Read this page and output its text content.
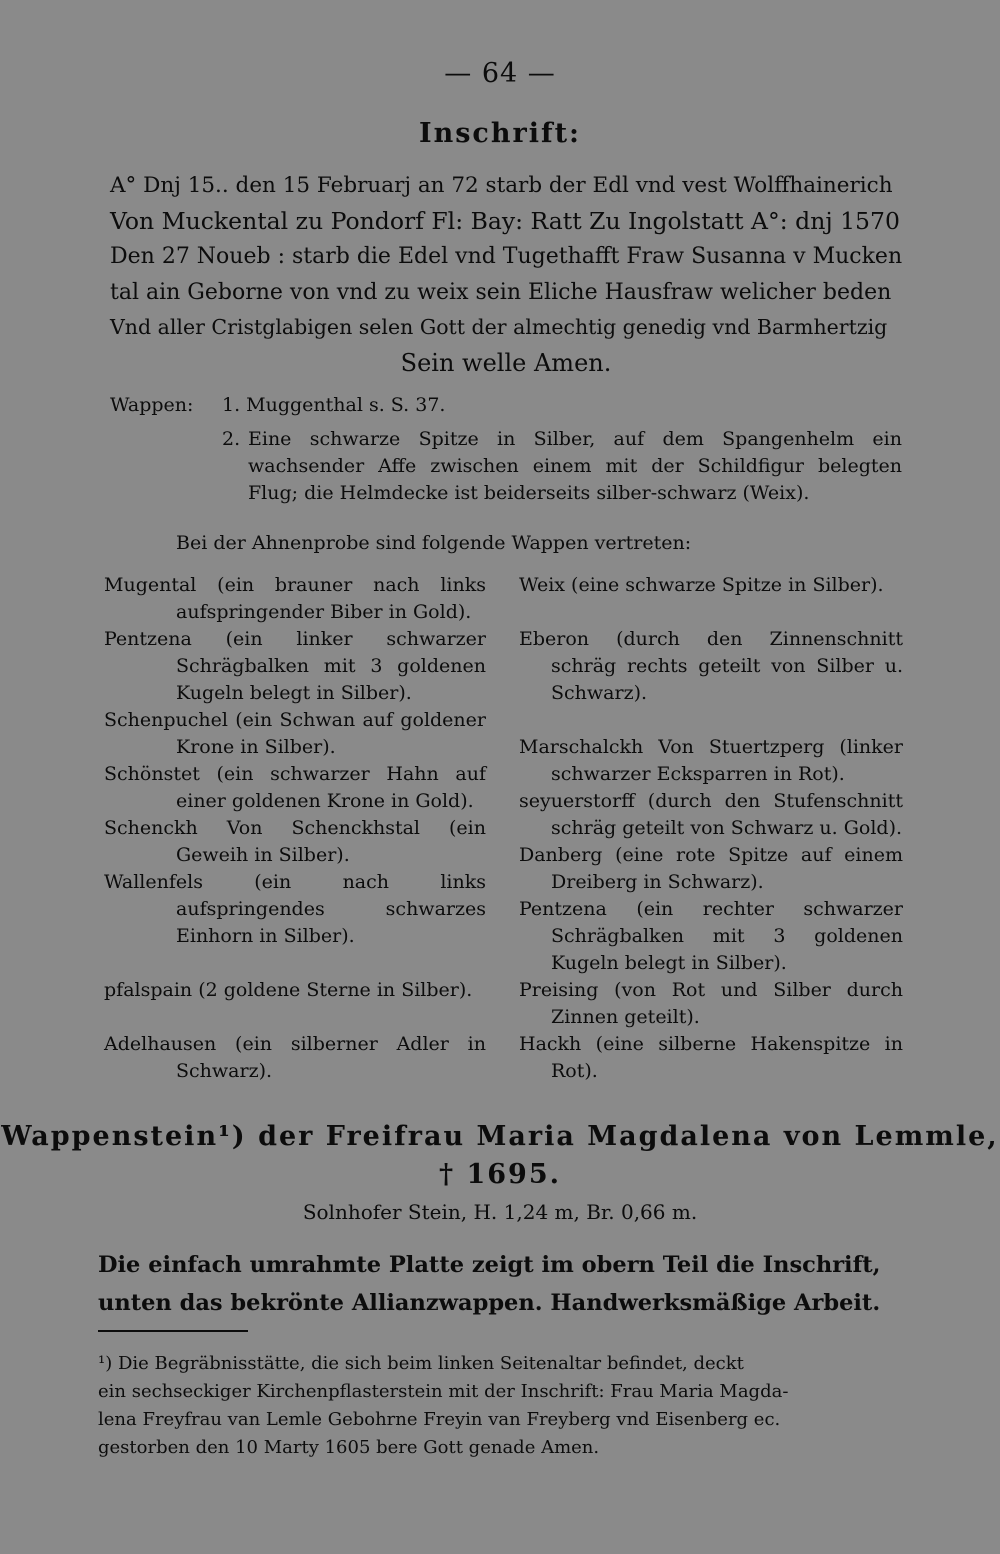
— 64 —
Inschrift:
A° Dnj 15.. den 15 Februarj an 72 starb der Edl vnd vest Wolffhainerich
Von Muckental zu Pondorf Fl: Bay: Ratt Zu Ingolstatt A°: dnj 1570
Den 27 Noueb : starb die Edel vnd Tugethafft Fraw Susanna v Mucken
tal ain Geborne von vnd zu weix sein Eliche Hausfraw welicher beden
Vnd aller Cristglabigen selen Gott der almechtig genedig vnd Barmhertzig
Sein welle Amen.
Wappen: 1. Muggenthal s. S. 37.
2. Eine schwarze Spitze in Silber, auf dem Spangenhelm ein wachsender Affe zwischen einem mit der Schildfigur belegten Flug; die Helmdecke ist beiderseits silber-schwarz (Weix).
Bei der Ahnenprobe sind folgende Wappen vertreten:
Mugental (ein brauner nach links aufspringender Biber in Gold).
Pentzena (ein linker schwarzer Schrägbalken mit 3 goldenen Kugeln belegt in Silber).
Schenpuchel (ein Schwan auf goldener Krone in Silber).
Schönstet (ein schwarzer Hahn auf einer goldenen Krone in Gold).
Schenckh Von Schenckhstal (ein Geweih in Silber).
Wallenfels (ein nach links aufspringendes schwarzes Einhorn in Silber).
pfalspain (2 goldene Sterne in Silber).
Adelhausen (ein silberner Adler in Schwarz).
Weix (eine schwarze Spitze in Silber).
Eberon (durch den Zinnenschnitt schräg rechts geteilt von Silber u. Schwarz).
Marschalckh Von Stuertzperg (linker schwarzer Ecksparren in Rot).
seyuerstorff (durch den Stufenschnitt schräg geteilt von Schwarz u. Gold).
Danberg (eine rote Spitze auf einem Dreiberg in Schwarz).
Pentzena (ein rechter schwarzer Schrägbalken mit 3 goldenen Kugeln belegt in Silber).
Preising (von Rot und Silber durch Zinnen geteilt).
Hackh (eine silberne Hakenspitze in Rot).
Wappenstein¹) der Freifrau Maria Magdalena von Lemmle,
† 1695.
Solnhofer Stein, H. 1,24 m, Br. 0,66 m.
Die einfach umrahmte Platte zeigt im obern Teil die Inschrift,
unten das bekrönte Allianzwappen. Handwerksmäßige Arbeit.
¹) Die Begräbnisstätte, die sich beim linken Seitenaltar befindet, deckt
ein sechseckiger Kirchenpflasterstein mit der Inschrift: Frau Maria Magda-
lena Freyfrau van Lemle Gebohrne Freyin van Freyberg vnd Eisenberg ec.
gestorben den 10 Marty 1605 bere Gott genade Amen.
